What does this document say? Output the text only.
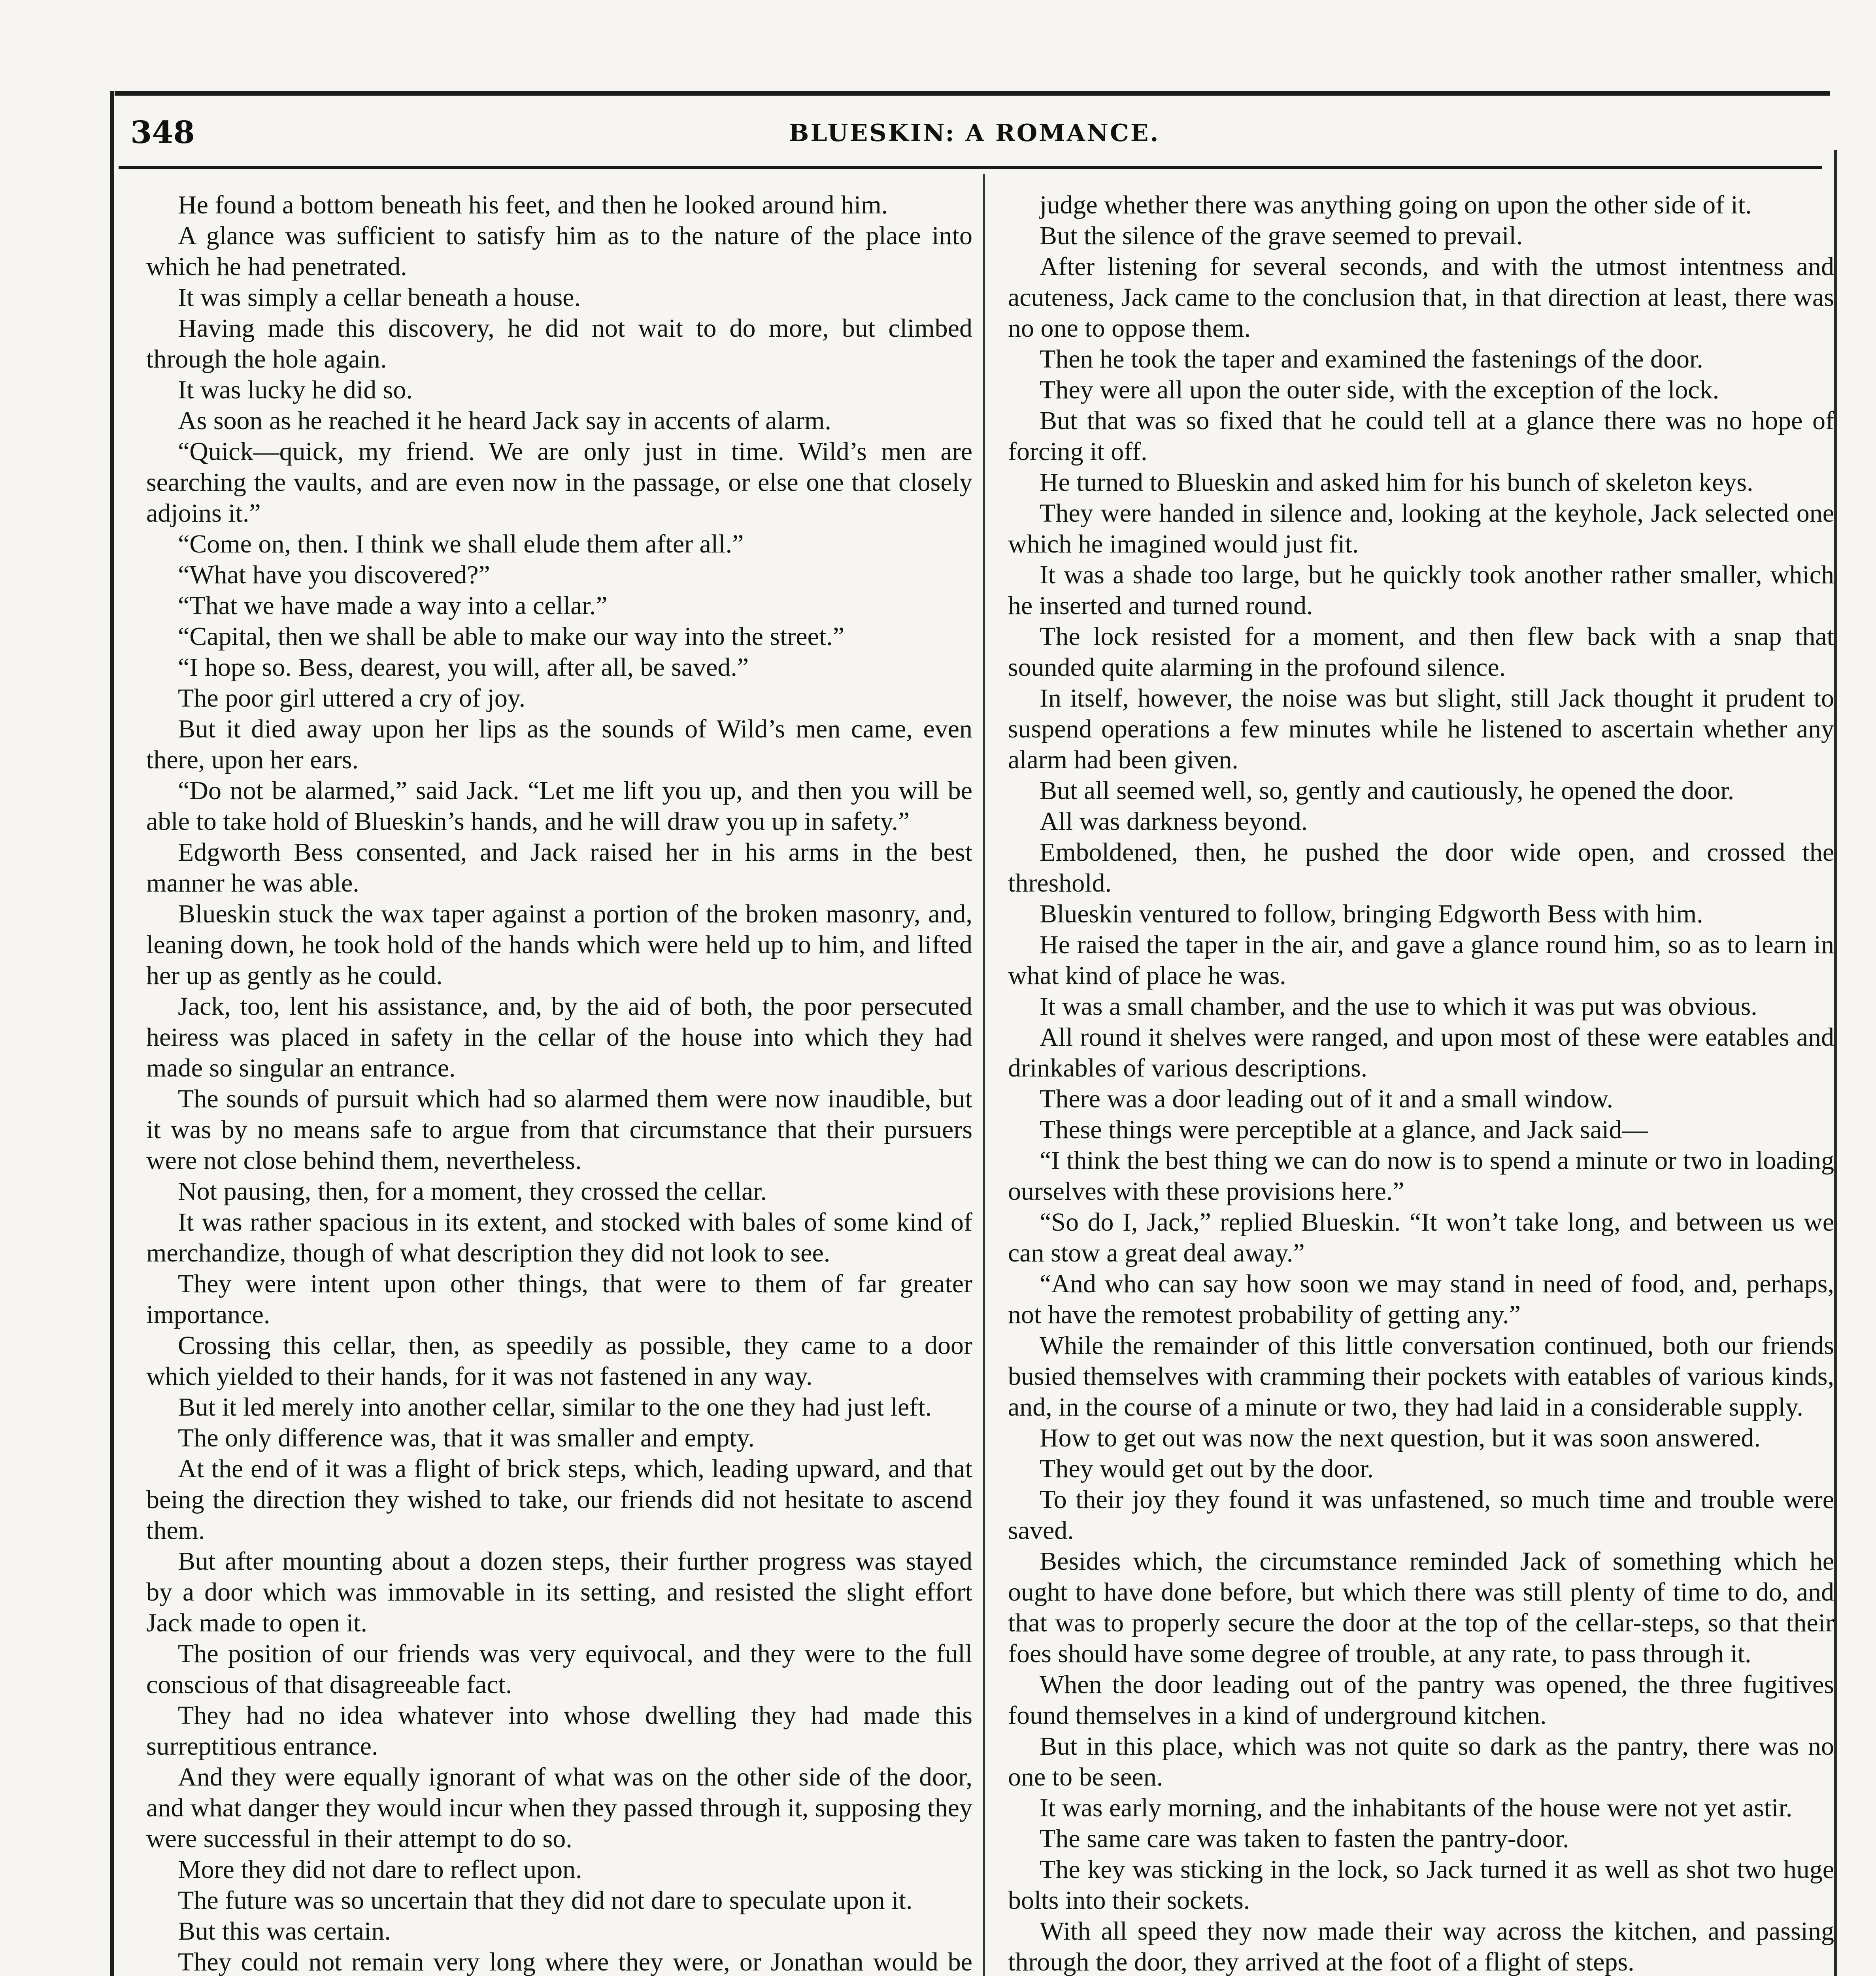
348	BLUESKIN: A ROMANCE.

He found a bottom beneath his feet, and then he looked around him.

A glance was sufficient to satisfy him as to the nature of the place into which he had penetrated.

It was simply a cellar beneath a house.

Having made this discovery, he did not wait to do more, but climbed through the hole again.

It was lucky he did so.

As soon as he reached it he heard Jack say in accents of alarm.

“Quick—quick, my friend. We are only just in time. Wild’s men are searching the vaults, and are even now in the passage, or else one that closely adjoins it.”

“Come on, then. I think we shall elude them after all.”

“What have you discovered?”

“That we have made a way into a cellar.”

“Capital, then we shall be able to make our way into the street.”

“I hope so. Bess, dearest, you will, after all, be saved.”

The poor girl uttered a cry of joy.

But it died away upon her lips as the sounds of Wild’s men came, even there, upon her ears.

“Do not be alarmed,” said Jack. “Let me lift you up, and then you will be able to take hold of Blueskin’s hands, and he will draw you up in safety.”

Edgworth Bess consented, and Jack raised her in his arms in the best manner he was able.

Blueskin stuck the wax taper against a portion of the broken masonry, and, leaning down, he took hold of the hands which were held up to him, and lifted her up as gently as he could.

Jack, too, lent his assistance, and, by the aid of both, the poor persecuted heiress was placed in safety in the cellar of the house into which they had made so singular an entrance.

The sounds of pursuit which had so alarmed them were now inaudible, but it was by no means safe to argue from that circumstance that their pursuers were not close behind them, nevertheless.

Not pausing, then, for a moment, they crossed the cellar.

It was rather spacious in its extent, and stocked with bales of some kind of merchandize, though of what description they did not look to see.

They were intent upon other things, that were to them of far greater importance.

Crossing this cellar, then, as speedily as possible, they came to a door which yielded to their hands, for it was not fastened in any way.

But it led merely into another cellar, similar to the one they had just left.

The only difference was, that it was smaller and empty.

At the end of it was a flight of brick steps, which, leading upward, and that being the direction they wished to take, our friends did not hesitate to ascend them.

But after mounting about a dozen steps, their further progress was stayed by a door which was immovable in its setting, and resisted the slight effort Jack made to open it.

The position of our friends was very equivocal, and they were to the full conscious of that disagreeable fact.

They had no idea whatever into whose dwelling they had made this surreptitious entrance.

And they were equally ignorant of what was on the other side of the door, and what danger they would incur when they passed through it, supposing they were successful in their attempt to do so.

More they did not dare to reflect upon.

The future was so uncertain that they did not dare to speculate upon it.

But this was certain.

They could not remain very long where they were, or Jonathan would be

judge whether there was anything going on upon the other side of it.

But the silence of the grave seemed to prevail.

After listening for several seconds, and with the utmost intentness and acuteness, Jack came to the conclusion that, in that direction at least, there was no one to oppose them.

Then he took the taper and examined the fastenings of the door.

They were all upon the outer side, with the exception of the lock.

But that was so fixed that he could tell at a glance there was no hope of forcing it off.

He turned to Blueskin and asked him for his bunch of skeleton keys.

They were handed in silence and, looking at the keyhole, Jack selected one which he imagined would just fit.

It was a shade too large, but he quickly took another rather smaller, which he inserted and turned round.

The lock resisted for a moment, and then flew back with a snap that sounded quite alarming in the profound silence.

In itself, however, the noise was but slight, still Jack thought it prudent to suspend operations a few minutes while he listened to ascertain whether any alarm had been given.

But all seemed well, so, gently and cautiously, he opened the door.

All was darkness beyond.

Emboldened, then, he pushed the door wide open, and crossed the threshold.

Blueskin ventured to follow, bringing Edgworth Bess with him.

He raised the taper in the air, and gave a glance round him, so as to learn in what kind of place he was.

It was a small chamber, and the use to which it was put was obvious.

All round it shelves were ranged, and upon most of these were eatables and drinkables of various descriptions.

There was a door leading out of it and a small window.

These things were perceptible at a glance, and Jack said—

“I think the best thing we can do now is to spend a minute or two in loading ourselves with these provisions here.”

“So do I, Jack,” replied Blueskin. “It won’t take long, and between us we can stow a great deal away.”

“And who can say how soon we may stand in need of food, and, perhaps, not have the remotest probability of getting any.”

While the remainder of this little conversation continued, both our friends busied themselves with cramming their pockets with eatables of various kinds, and, in the course of a minute or two, they had laid in a considerable supply.

How to get out was now the next question, but it was soon answered.

They would get out by the door.

To their joy they found it was unfastened, so much time and trouble were saved.

Besides which, the circumstance reminded Jack of something which he ought to have done before, but which there was still plenty of time to do, and that was to properly secure the door at the top of the cellar-steps, so that their foes should have some degree of trouble, at any rate, to pass through it.

When the door leading out of the pantry was opened, the three fugitives found themselves in a kind of underground kitchen.

But in this place, which was not quite so dark as the pantry, there was no one to be seen.

It was early morning, and the inhabitants of the house were not yet astir.

The same care was taken to fasten the pantry-door.

The key was sticking in the lock, so Jack turned it as well as shot two huge bolts into their sockets.

With all speed they now made their way across the kitchen, and passing through the door, they arrived at the foot of a flight of steps.
